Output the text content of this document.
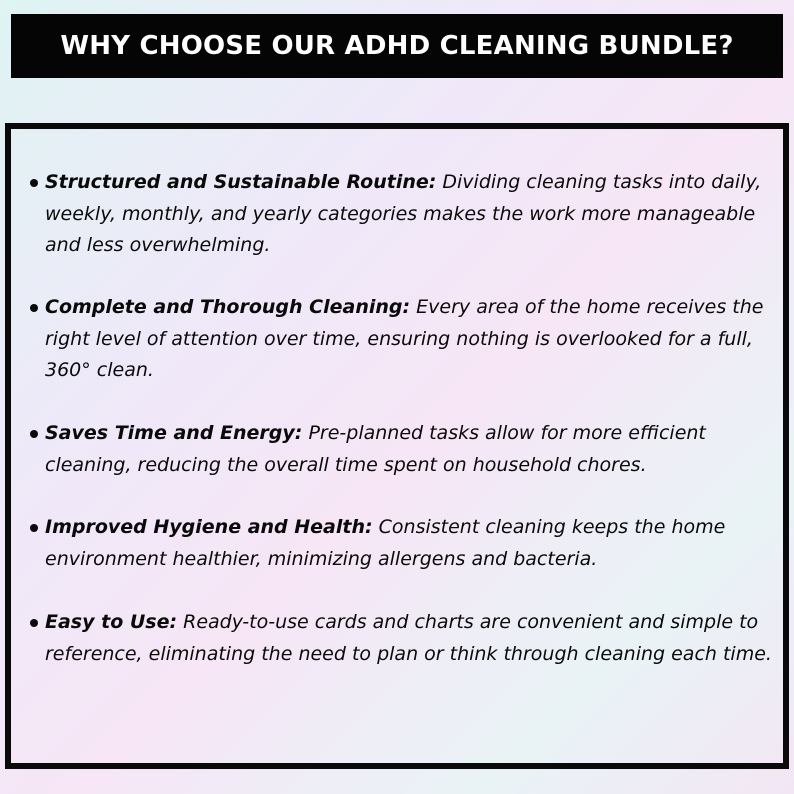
WHY CHOOSE OUR ADHD CLEANING BUNDLE?
Structured and Sustainable Routine: Dividing cleaning tasks into daily, weekly, monthly, and yearly categories makes the work more manageable and less overwhelming.
Complete and Thorough Cleaning: Every area of the home receives the right level of attention over time, ensuring nothing is overlooked for a full, 360° clean.
Saves Time and Energy: Pre-planned tasks allow for more efficient cleaning, reducing the overall time spent on household chores.
Improved Hygiene and Health: Consistent cleaning keeps the home environment healthier, minimizing allergens and bacteria.
Easy to Use: Ready-to-use cards and charts are convenient and simple to reference, eliminating the need to plan or think through cleaning each time.
